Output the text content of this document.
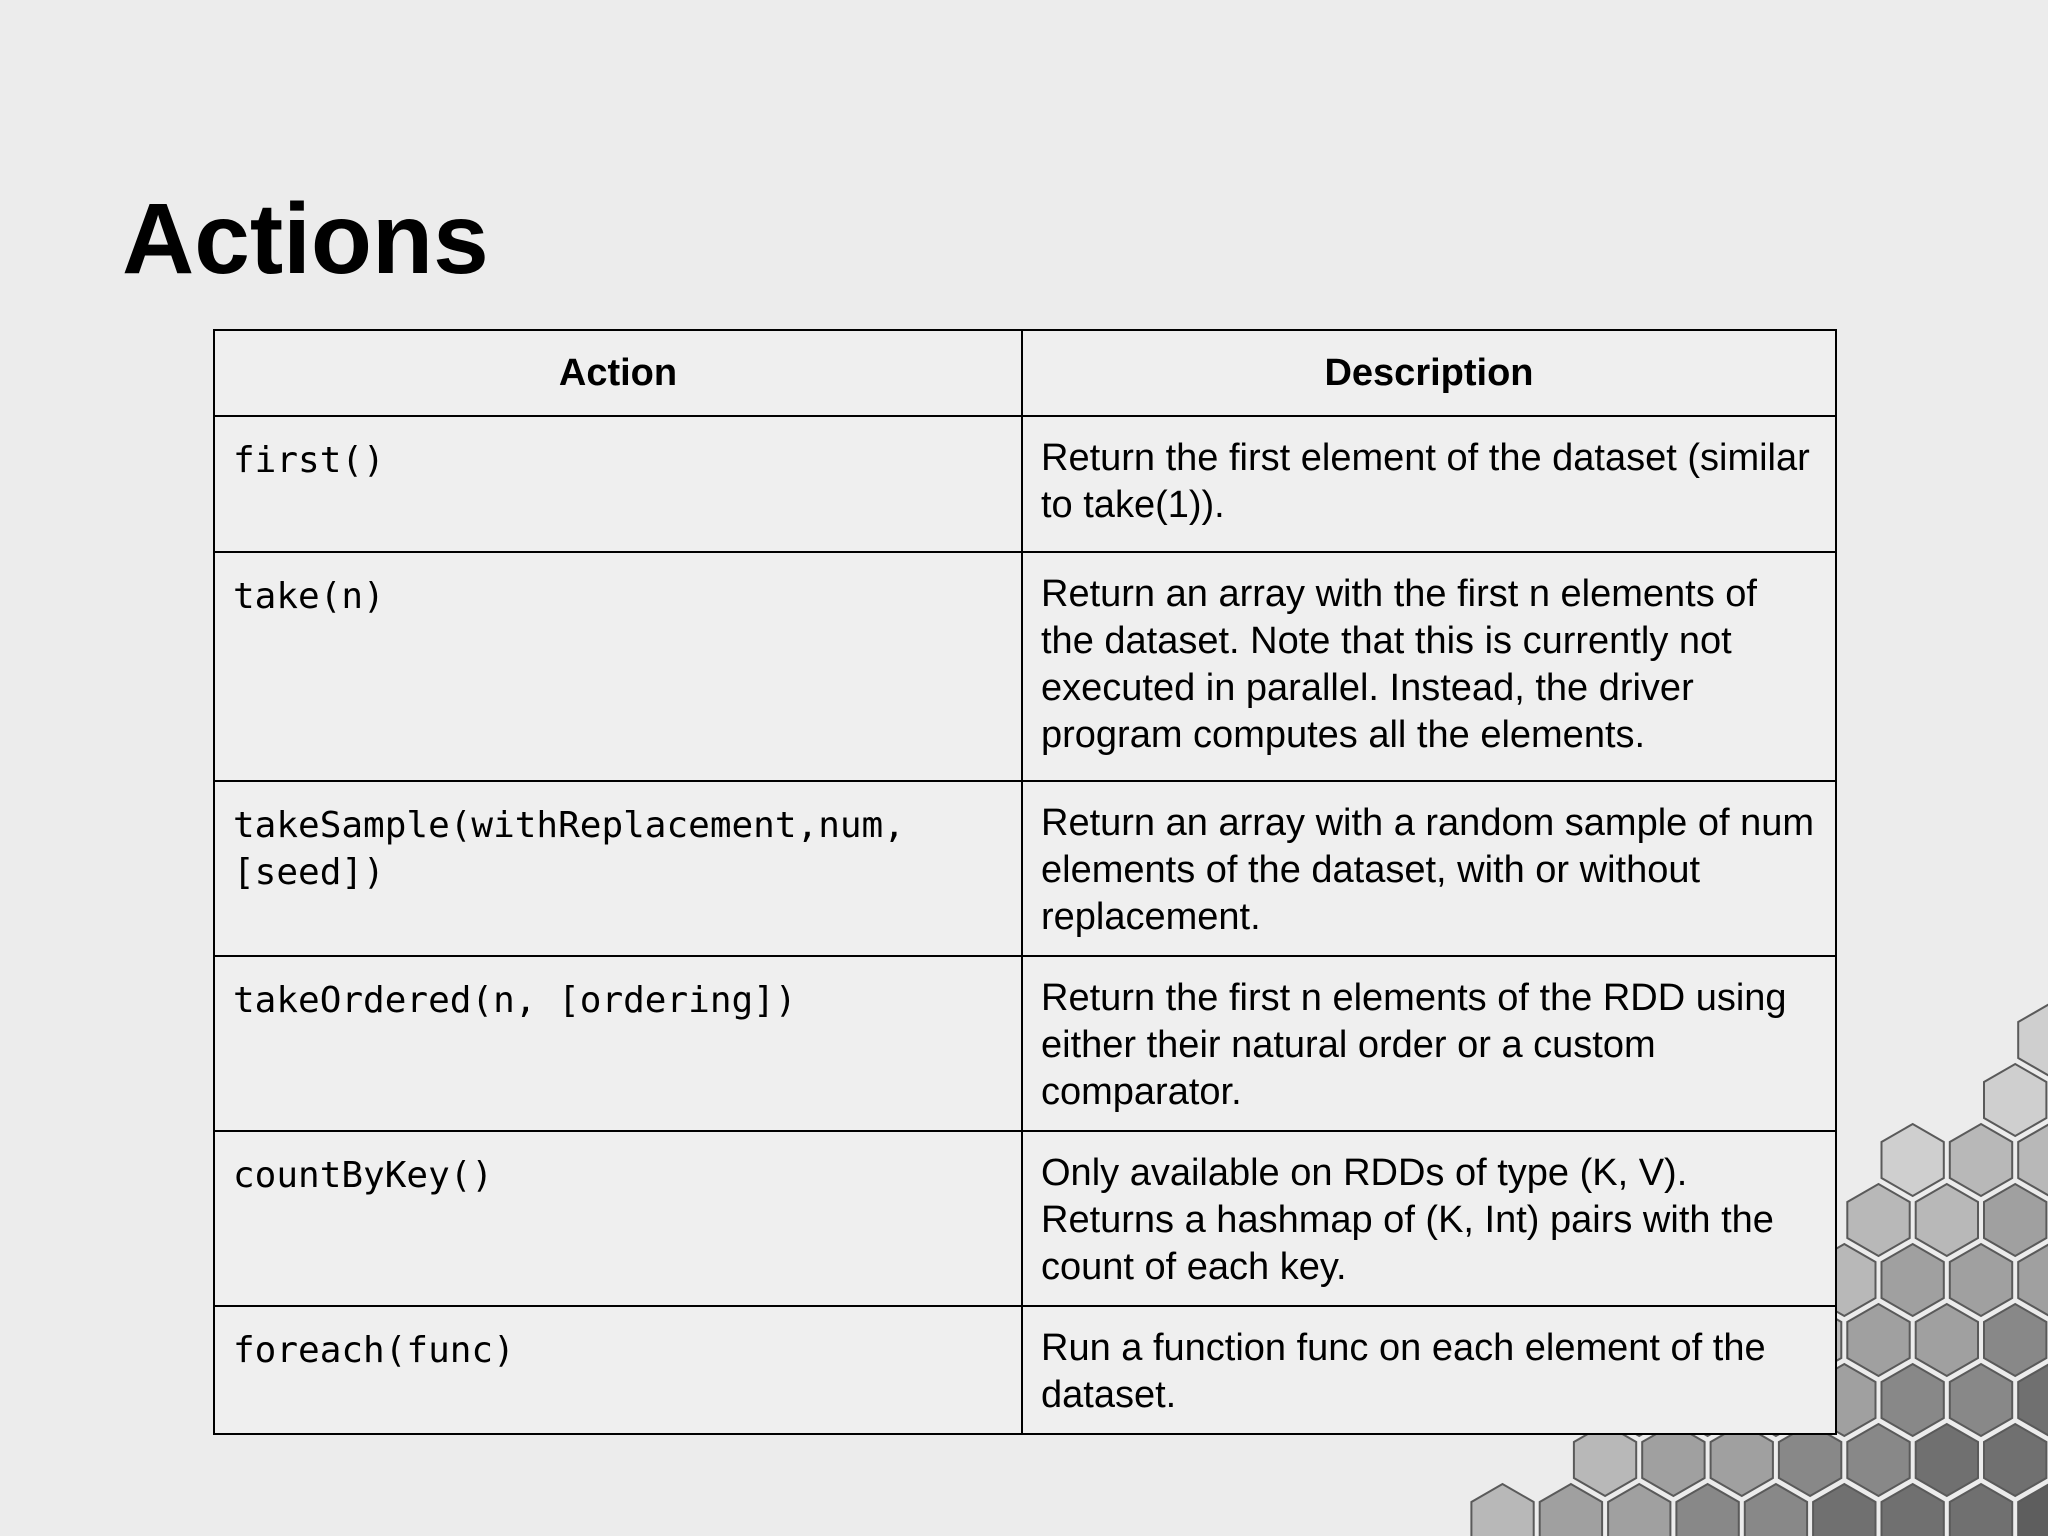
Actions
Action	Description
first()	Return the first element of the dataset (similar to take(1)).
take(n)	Return an array with the first n elements of the dataset. Note that this is currently not executed in parallel. Instead, the driver program computes all the elements.
takeSample(withReplacement,num, [seed])	Return an array with a random sample of num elements of the dataset, with or without replacement.
takeOrdered(n, [ordering])	Return the first n elements of the RDD using either their natural order or a custom comparator.
countByKey()	Only available on RDDs of type (K, V). Returns a hashmap of (K, Int) pairs with the count of each key.
foreach(func)	Run a function func on each element of the dataset.
